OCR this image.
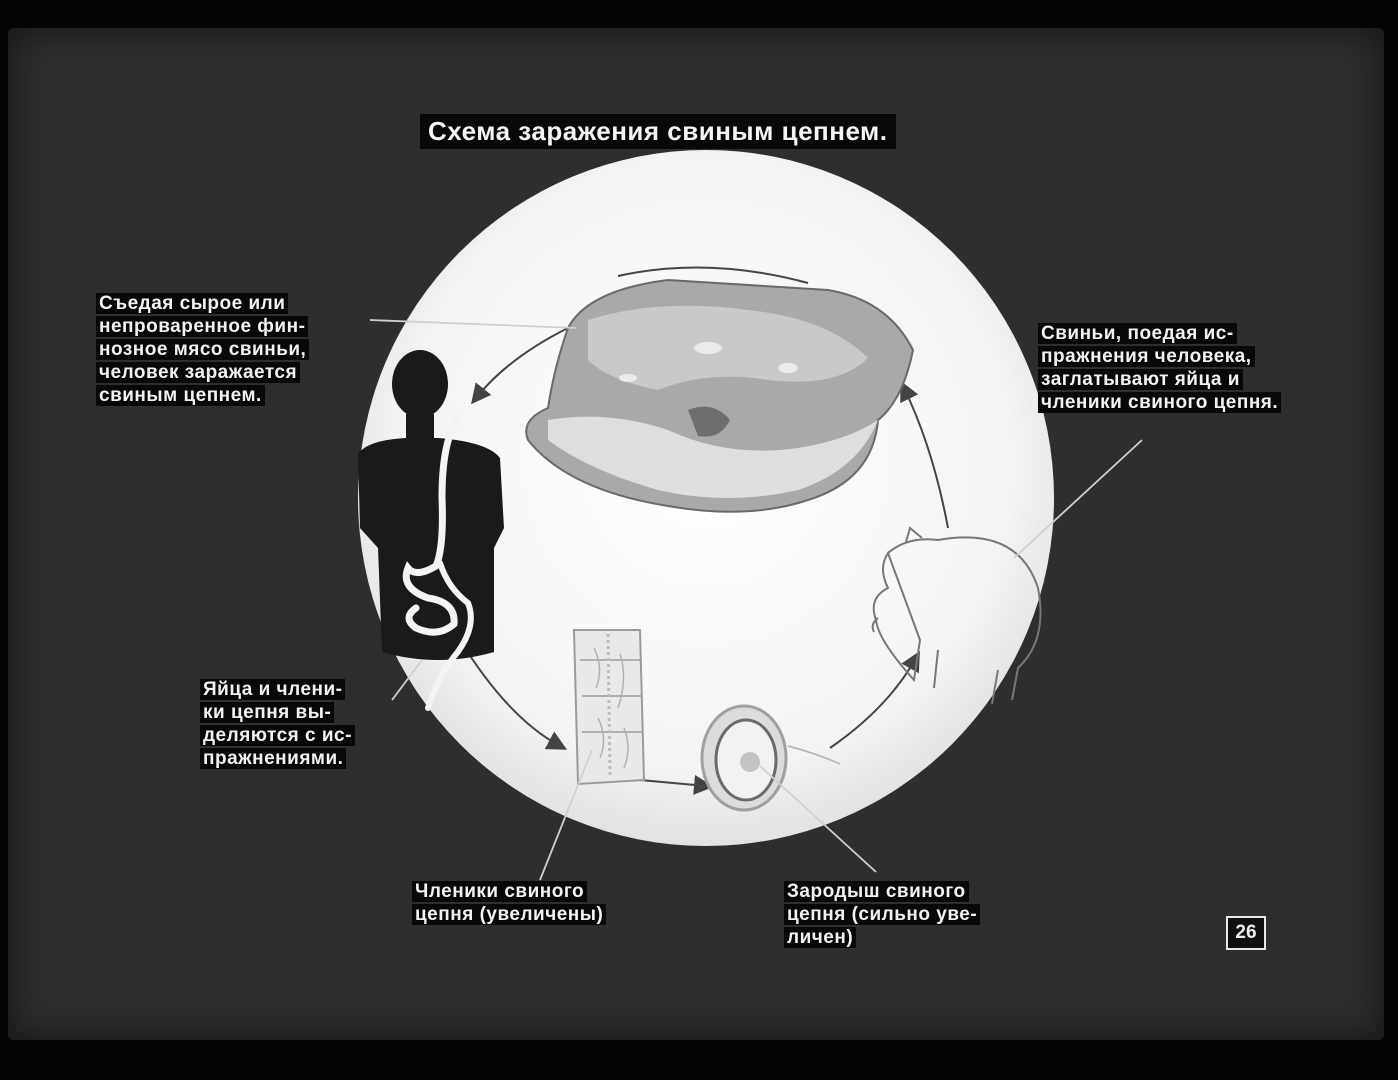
Схема заражения свиным цепнем.
Съедая сырое или
непроваренное фин-
нозное мясо свиньи,
человек заражается
свиным цепнем.
Свиньи, поедая ис-
пражнения человека,
заглатывают яйца и
членики свиного цепня.
Яйца и члени-
ки цепня вы-
деляются с ис-
пражнениями.
Членики свиного
цепня (увеличены)
Зародыш свиного
цепня (сильно уве-
личен)	26
